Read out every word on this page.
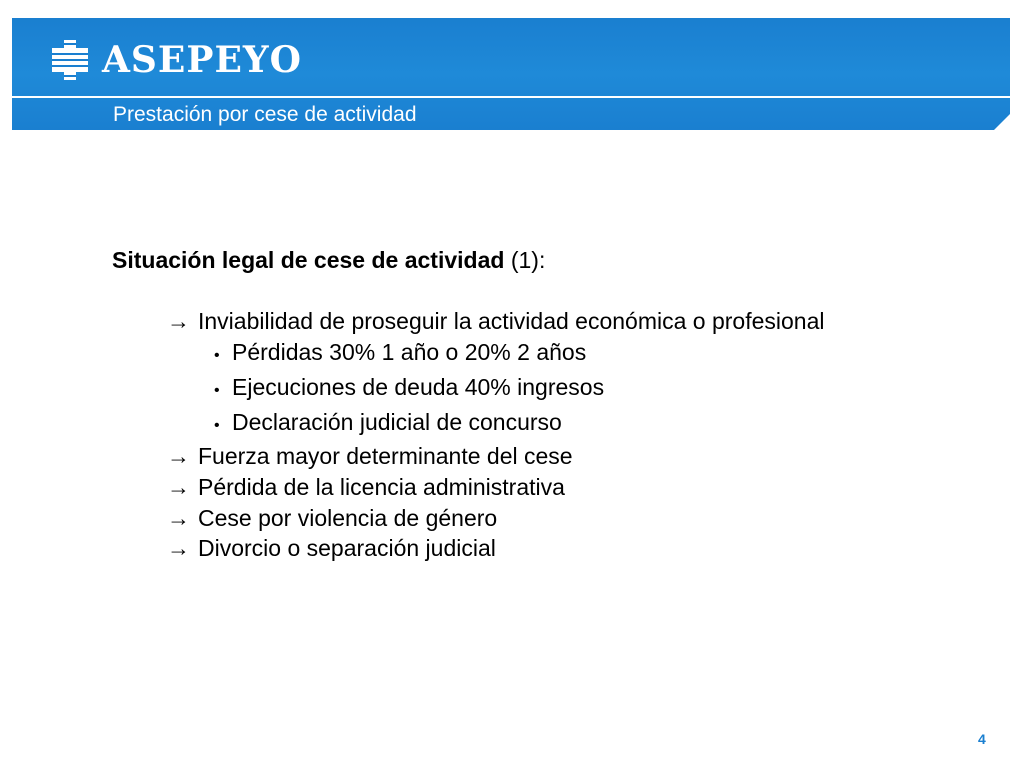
ASEPEYO
Prestación por cese de actividad
Situación legal de cese de actividad (1):
→ Inviabilidad de proseguir la actividad económica o profesional
• Pérdidas 30% 1 año o 20% 2 años
• Ejecuciones de deuda 40% ingresos
• Declaración judicial de concurso
→ Fuerza mayor determinante del cese
→ Pérdida de la licencia administrativa
→ Cese por violencia de género
→ Divorcio o separación judicial
4
